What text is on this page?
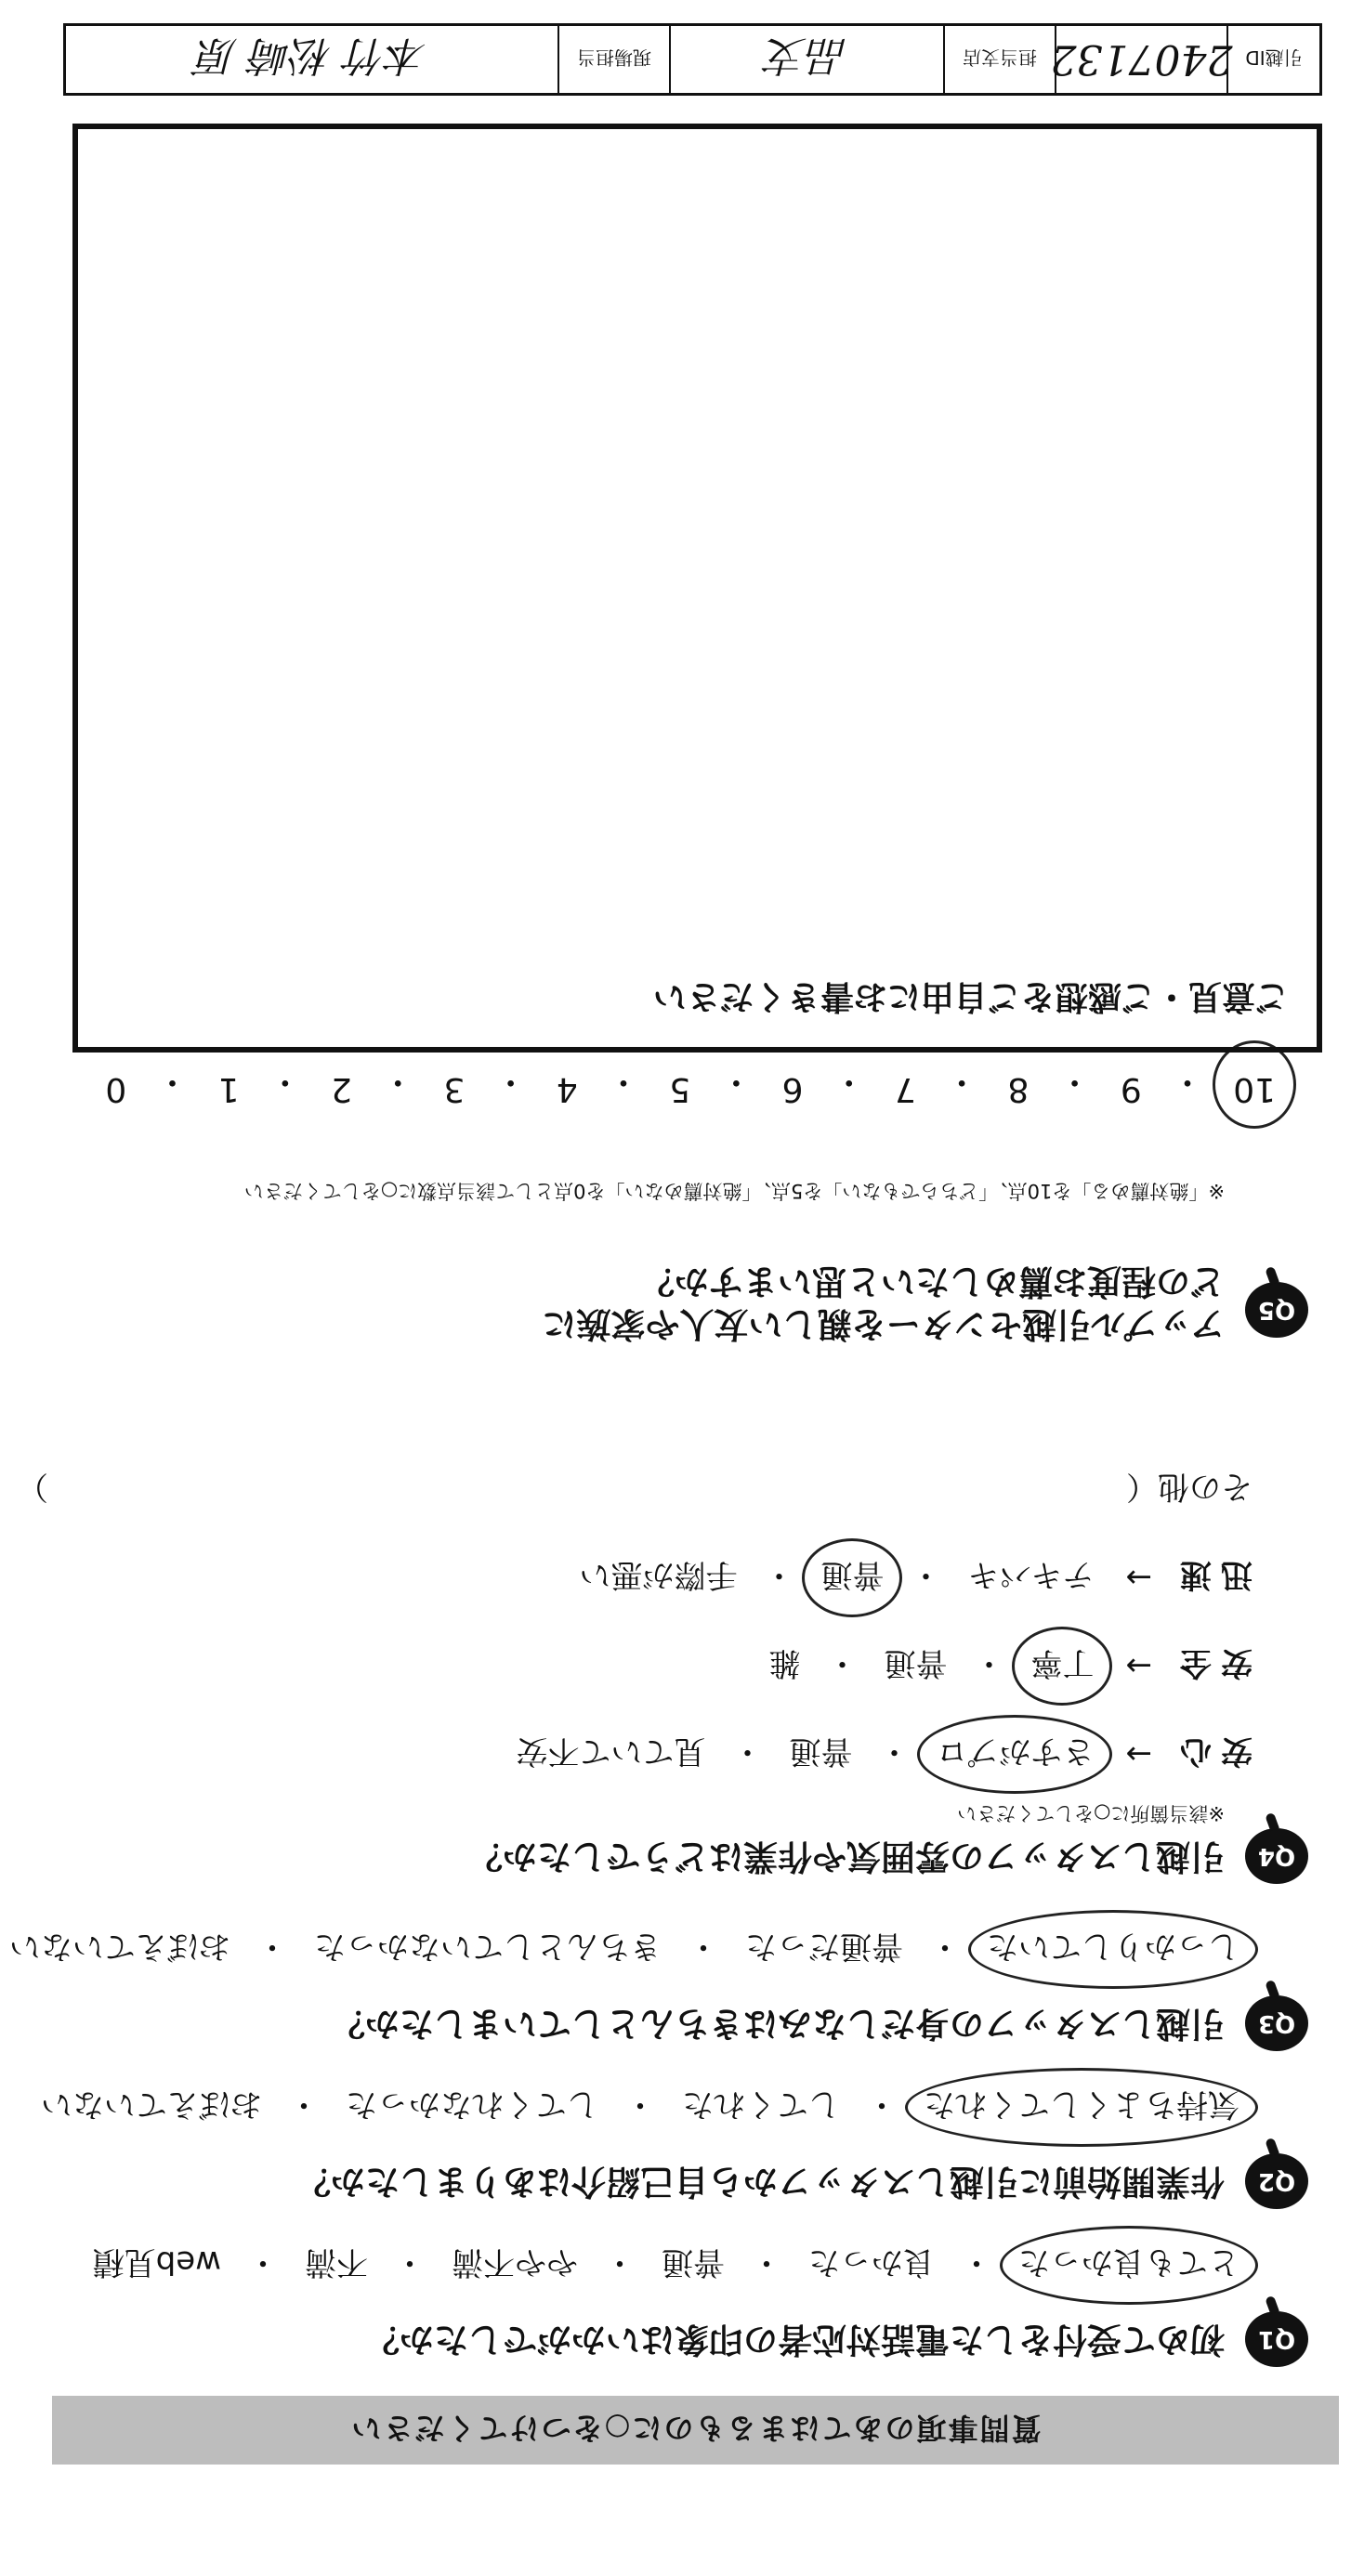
質問事項のあてはまるものに○をつけてください
Q1
初めて受付をした電話対応者の印象はいかがでしたか？
とても良かった
・
良かった
・
普通
・
やや不満
・
不満
・
web見積
Q2
作業開始前に引越しスタッフから自己紹介はありましたか？
気持ちよくしてくれた
・
してくれた
・
してくれなかった
・
おぼえていない
Q3
引越しスタッフの身だしなみはきちんとしていましたか？
しっかりしていた
・
普通だった
・
きちんとしていなかった
・
おぼえていない
Q4
引越しスタッフの雰囲気や作業はどうでしたか？
※該当箇所に○をしてください
安心
→
さすがプロ
・
普通
・
見ていて不安
安全
→
丁寧
・
普通
・
雑
迅速
→
テキパキ
・
普通
・
手際が悪い
その他（
）
Q5
アップル引越センターを親しい友人や家族に
どの程度お薦めしたいと思いますか？
※「絶対薦める」を10点、「どちらでもない」を5点、「絶対薦めない」を0点として該当点数に○をしてください
10
・
9
・
8
・
7
・
6
・
5
・
4
・
3
・
2
・
1
・
0
ご意見・ご感想をご自由にお書きください
引越ID
2407132
担当支店
品支
現場担当
本竹 松崎 原
